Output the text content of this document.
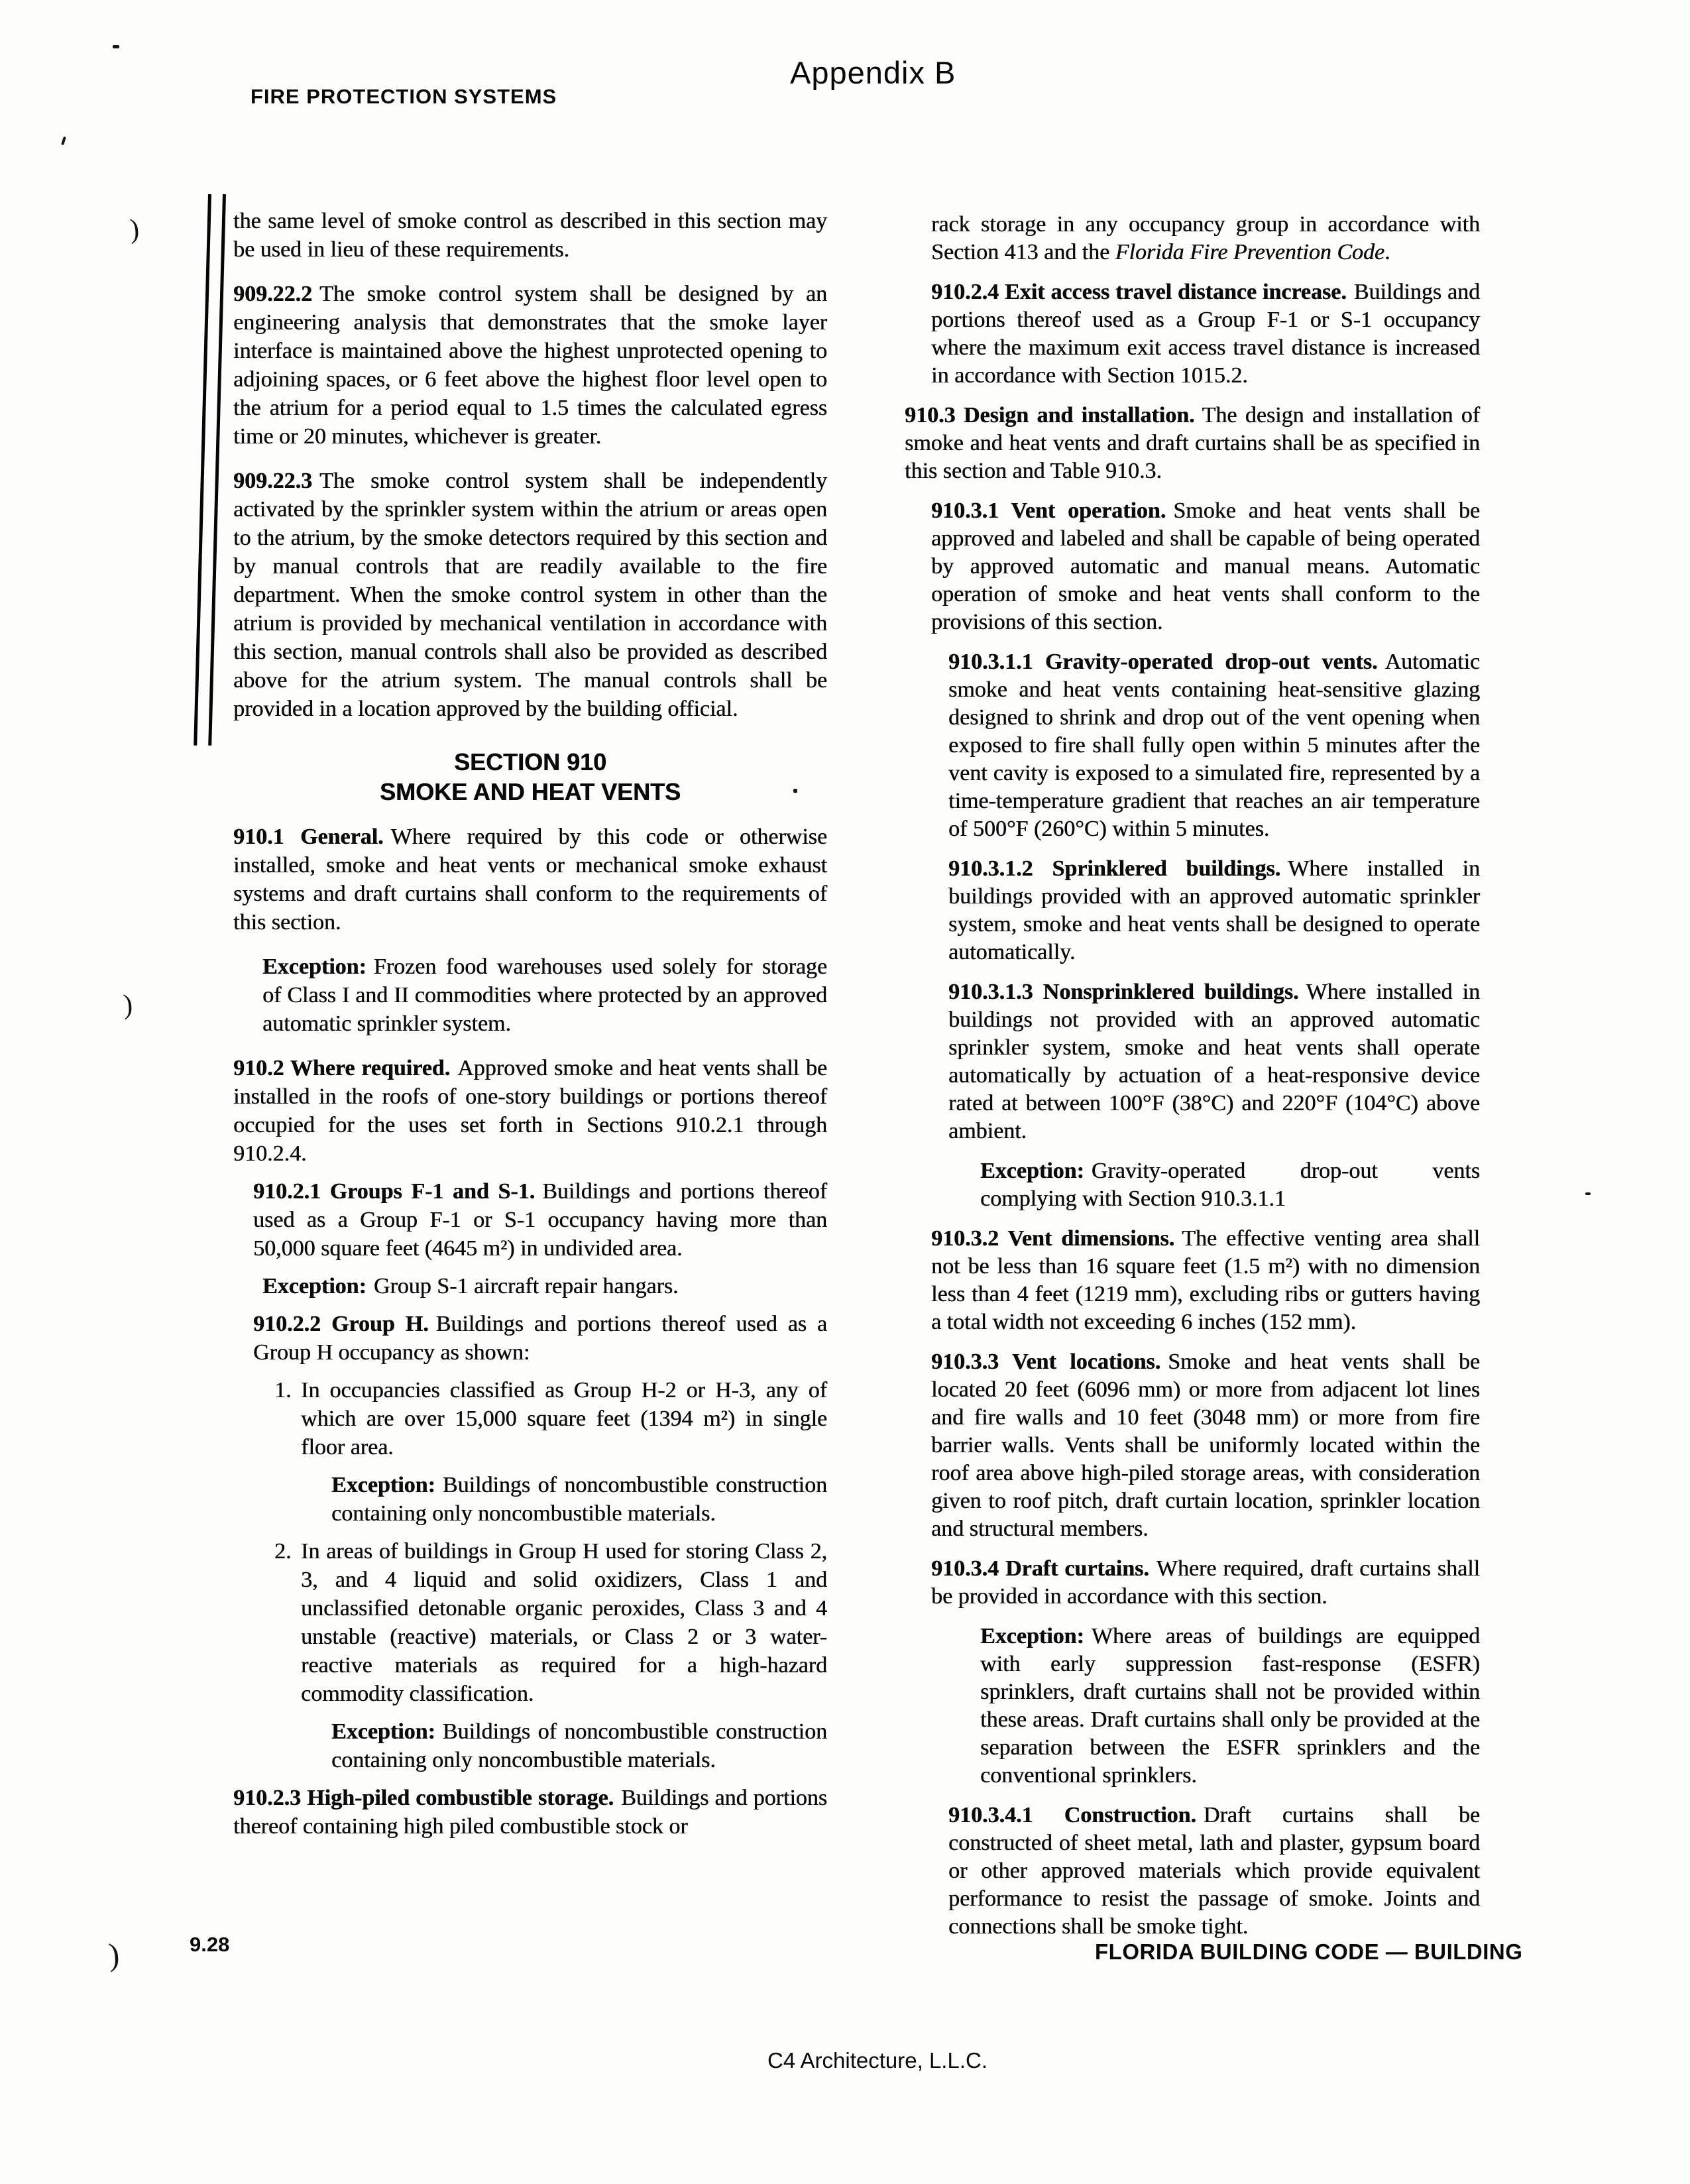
Appendix B
FIRE PROTECTION SYSTEMS
)
)
)

the same level of smoke control as described in this section may be used in lieu of these requirements.

909.22.2 The smoke control system shall be designed by an engineering analysis that demonstrates that the smoke layer interface is maintained above the highest unprotected opening to adjoining spaces, or 6 feet above the highest floor level open to the atrium for a period equal to 1.5 times the calculated egress time or 20 minutes, whichever is greater.

909.22.3 The smoke control system shall be independently activated by the sprinkler system within the atrium or areas open to the atrium, by the smoke detectors required by this section and by manual controls that are readily available to the fire department. When the smoke control system in other than the atrium is provided by mechanical ventilation in accordance with this section, manual controls shall also be provided as described above for the atrium system. The manual controls shall be provided in a location approved by the building official.

SECTION 910
SMOKE AND HEAT VENTS

910.1 General. Where required by this code or otherwise installed, smoke and heat vents or mechanical smoke exhaust systems and draft curtains shall conform to the requirements of this section.

Exception: Frozen food warehouses used solely for storage of Class I and II commodities where protected by an approved automatic sprinkler system.

910.2 Where required. Approved smoke and heat vents shall be installed in the roofs of one-story buildings or portions thereof occupied for the uses set forth in Sections 910.2.1 through 910.2.4.

910.2.1 Groups F-1 and S-1. Buildings and portions thereof used as a Group F-1 or S-1 occupancy having more than 50,000 square feet (4645 m²) in undivided area.

Exception: Group S-1 aircraft repair hangars.

910.2.2 Group H. Buildings and portions thereof used as a Group H occupancy as shown:

1. In occupancies classified as Group H-2 or H-3, any of which are over 15,000 square feet (1394 m²) in single floor area.

Exception: Buildings of noncombustible construction containing only noncombustible materials.

2. In areas of buildings in Group H used for storing Class 2, 3, and 4 liquid and solid oxidizers, Class 1 and unclassified detonable organic peroxides, Class 3 and 4 unstable (reactive) materials, or Class 2 or 3 water-reactive materials as required for a high-hazard commodity classification.

Exception: Buildings of noncombustible construction containing only noncombustible materials.

910.2.3 High-piled combustible storage. Buildings and portions thereof containing high piled combustible stock or

rack storage in any occupancy group in accordance with Section 413 and the Florida Fire Prevention Code.

910.2.4 Exit access travel distance increase. Buildings and portions thereof used as a Group F-1 or S-1 occupancy where the maximum exit access travel distance is increased in accordance with Section 1015.2.

910.3 Design and installation. The design and installation of smoke and heat vents and draft curtains shall be as specified in this section and Table 910.3.

910.3.1 Vent operation. Smoke and heat vents shall be approved and labeled and shall be capable of being operated by approved automatic and manual means. Automatic operation of smoke and heat vents shall conform to the provisions of this section.

910.3.1.1 Gravity-operated drop-out vents. Automatic smoke and heat vents containing heat-sensitive glazing designed to shrink and drop out of the vent opening when exposed to fire shall fully open within 5 minutes after the vent cavity is exposed to a simulated fire, represented by a time-temperature gradient that reaches an air temperature of 500°F (260°C) within 5 minutes.

910.3.1.2 Sprinklered buildings. Where installed in buildings provided with an approved automatic sprinkler system, smoke and heat vents shall be designed to operate automatically.

910.3.1.3 Nonsprinklered buildings. Where installed in buildings not provided with an approved automatic sprinkler system, smoke and heat vents shall operate automatically by actuation of a heat-responsive device rated at between 100°F (38°C) and 220°F (104°C) above ambient.

Exception: Gravity-operated drop-out vents complying with Section 910.3.1.1

910.3.2 Vent dimensions. The effective venting area shall not be less than 16 square feet (1.5 m²) with no dimension less than 4 feet (1219 mm), excluding ribs or gutters having a total width not exceeding 6 inches (152 mm).

910.3.3 Vent locations. Smoke and heat vents shall be located 20 feet (6096 mm) or more from adjacent lot lines and fire walls and 10 feet (3048 mm) or more from fire barrier walls. Vents shall be uniformly located within the roof area above high-piled storage areas, with consideration given to roof pitch, draft curtain location, sprinkler location and structural members.

910.3.4 Draft curtains. Where required, draft curtains shall be provided in accordance with this section.

Exception: Where areas of buildings are equipped with early suppression fast-response (ESFR) sprinklers, draft curtains shall not be provided within these areas. Draft curtains shall only be provided at the separation between the ESFR sprinklers and the conventional sprinklers.

910.3.4.1 Construction. Draft curtains shall be constructed of sheet metal, lath and plaster, gypsum board or other approved materials which provide equivalent performance to resist the passage of smoke. Joints and connections shall be smoke tight.

9.28	FLORIDA BUILDING CODE — BUILDING
C4 Architecture, L.L.C.
